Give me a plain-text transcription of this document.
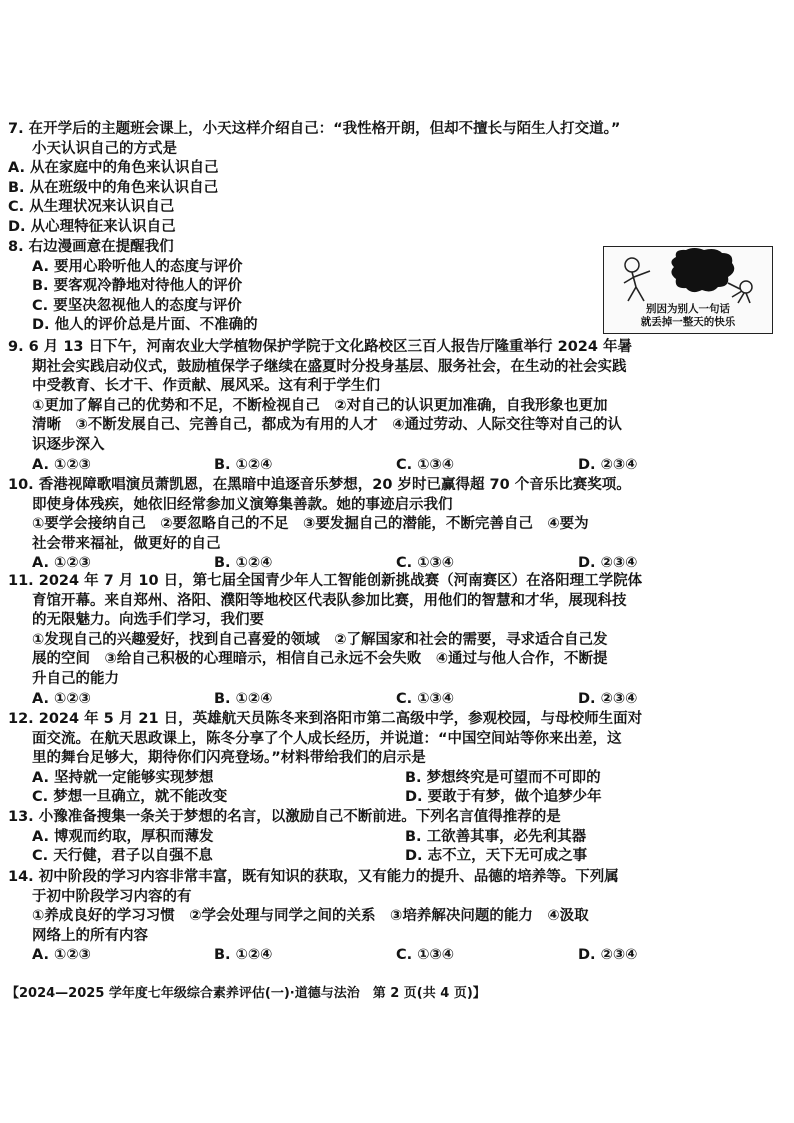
7. 在开学后的主题班会课上，小天这样介绍自己：“我性格开朗，但却不擅长与陌生人打交道。”
小天认识自己的方式是
A. 从在家庭中的角色来认识自己
B. 从在班级中的角色来认识自己
C. 从生理状况来认识自己
D. 从心理特征来认识自己
8. 右边漫画意在提醒我们
A. 要用心聆听他人的态度与评价
B. 要客观冷静地对待他人的评价
C. 要坚决忽视他人的态度与评价
D. 他人的评价总是片面、不准确的
别因为别人一句话
就丢掉一整天的快乐
9. 6 月 13 日下午，河南农业大学植物保护学院于文化路校区三百人报告厅隆重举行 2024 年暑
期社会实践启动仪式，鼓励植保学子继续在盛夏时分投身基层、服务社会，在生动的社会实践
中受教育、长才干、作贡献、展风采。这有利于学生们
①更加了解自己的优势和不足，不断检视自己　②对自己的认识更加准确，自我形象也更加
清晰　③不断发展自己、完善自己，都成为有用的人才　④通过劳动、人际交往等对自己的认
识逐步深入
A. ①②③	B. ①②④	C. ①③④	D. ②③④
10. 香港视障歌唱演员萧凯恩，在黑暗中追逐音乐梦想，20 岁时已赢得超 70 个音乐比赛奖项。
即使身体残疾，她依旧经常参加义演筹集善款。她的事迹启示我们
①要学会接纳自己　②要忽略自己的不足　③要发掘自己的潜能，不断完善自己　④要为
社会带来福祉，做更好的自己
A. ①②③	B. ①②④	C. ①③④	D. ②③④
11. 2024 年 7 月 10 日，第七届全国青少年人工智能创新挑战赛（河南赛区）在洛阳理工学院体
育馆开幕。来自郑州、洛阳、濮阳等地校区代表队参加比赛，用他们的智慧和才华，展现科技
的无限魅力。向选手们学习，我们要
①发现自己的兴趣爱好，找到自己喜爱的领域　②了解国家和社会的需要，寻求适合自己发
展的空间　③给自己积极的心理暗示，相信自己永远不会失败　④通过与他人合作，不断提
升自己的能力
A. ①②③	B. ①②④	C. ①③④	D. ②③④
12. 2024 年 5 月 21 日，英雄航天员陈冬来到洛阳市第二高级中学，参观校园，与母校师生面对
面交流。在航天思政课上，陈冬分享了个人成长经历，并说道：“中国空间站等你来出差，这
里的舞台足够大，期待你们闪亮登场。”材料带给我们的启示是
A. 坚持就一定能够实现梦想	B. 梦想终究是可望而不可即的
C. 梦想一旦确立，就不能改变	D. 要敢于有梦，做个追梦少年
13. 小豫准备搜集一条关于梦想的名言，以激励自己不断前进。下列名言值得推荐的是
A. 博观而约取，厚积而薄发	B. 工欲善其事，必先利其器
C. 天行健，君子以自强不息	D. 志不立，天下无可成之事
14. 初中阶段的学习内容非常丰富，既有知识的获取，又有能力的提升、品德的培养等。下列属
于初中阶段学习内容的有
①养成良好的学习习惯　②学会处理与同学之间的关系　③培养解决问题的能力　④汲取
网络上的所有内容
A. ①②③	B. ①②④	C. ①③④	D. ②③④
【2024—2025 学年度七年级综合素养评估(一)·道德与法治　第 2 页(共 4 页)】
